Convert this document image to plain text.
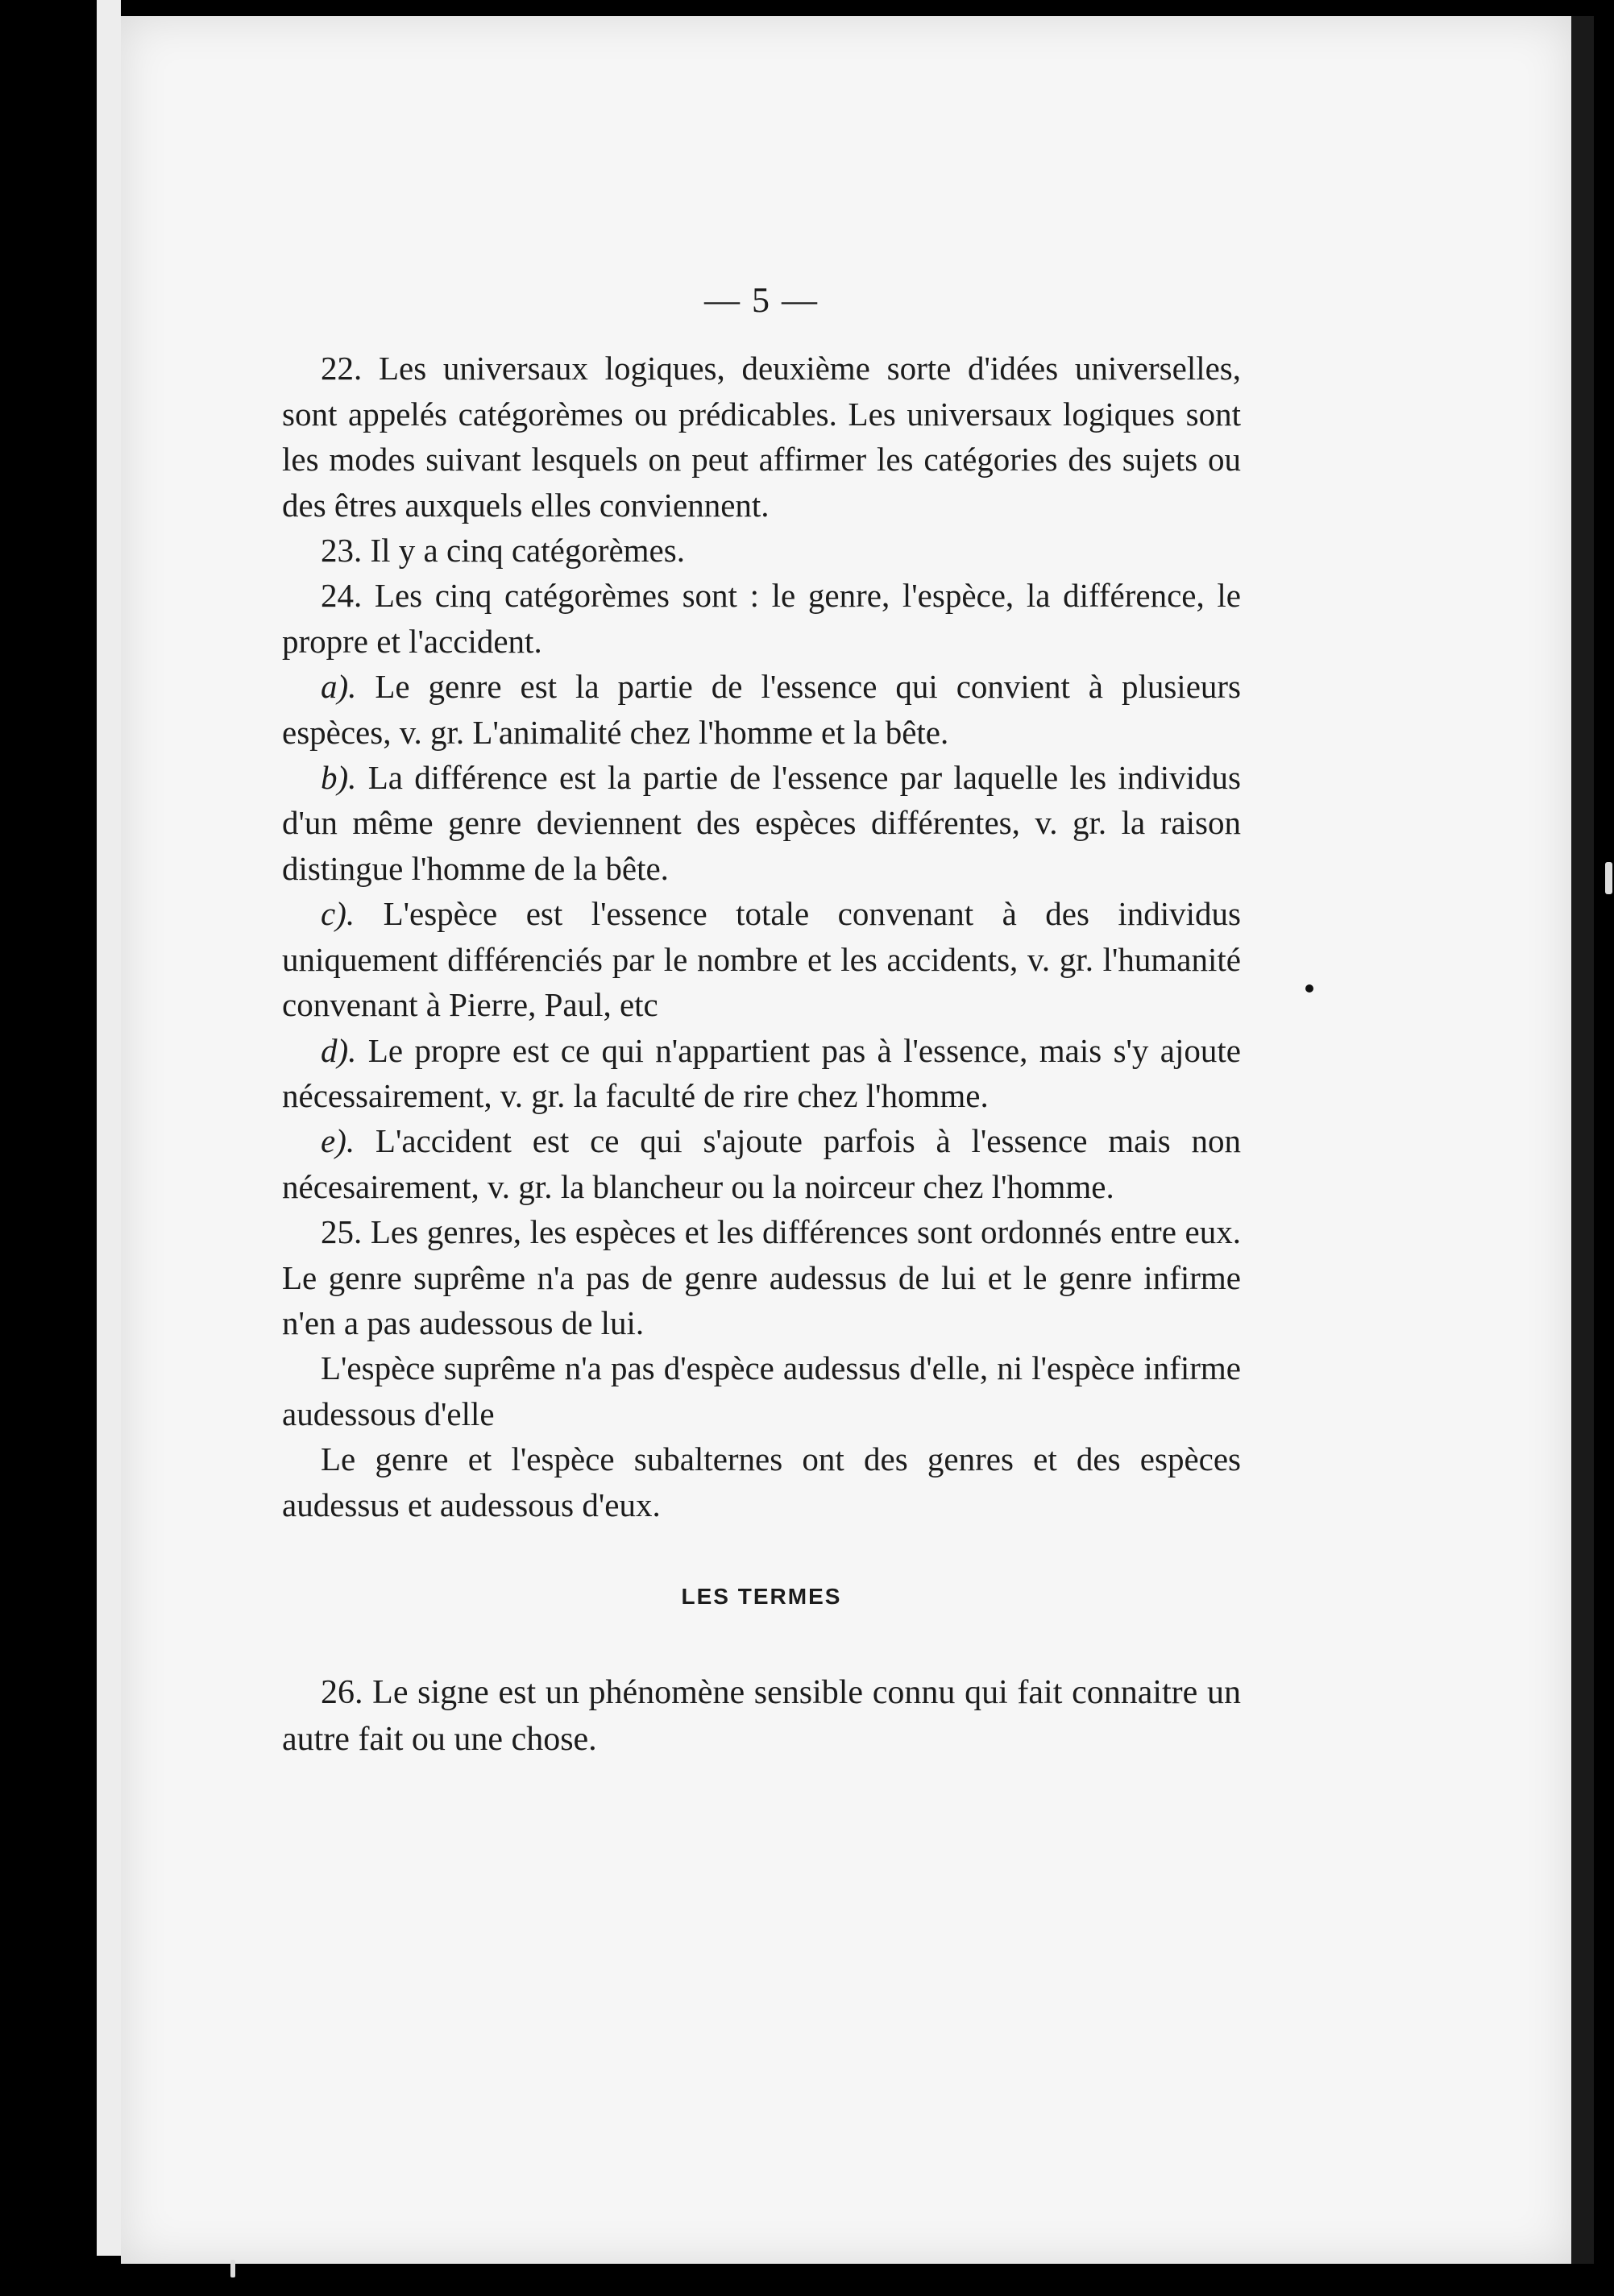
— 5 —

22. Les universaux logiques, deuxième sorte d'idées universelles, sont appelés catégorèmes ou prédicables. Les universaux logiques sont les modes suivant lesquels on peut affirmer les catégories des sujets ou des êtres auxquels elles conviennent.

23. Il y a cinq catégorèmes.

24. Les cinq catégorèmes sont : le genre, l'espèce, la différence, le propre et l'accident.

a). Le genre est la partie de l'essence qui convient à plusieurs espèces, v. gr. L'animalité chez l'homme et la bête.

b). La différence est la partie de l'essence par laquelle les individus d'un même genre deviennent des espèces différentes, v. gr. la raison distingue l'homme de la bête.

c). L'espèce est l'essence totale convenant à des individus uniquement différenciés par le nombre et les accidents, v. gr. l'humanité convenant à Pierre, Paul, etc

d). Le propre est ce qui n'appartient pas à l'essence, mais s'y ajoute nécessairement, v. gr. la faculté de rire chez l'homme.

e). L'accident est ce qui s'ajoute parfois à l'essence mais non nécesairement, v. gr. la blancheur ou la noirceur chez l'homme.

25. Les genres, les espèces et les différences sont ordonnés entre eux. Le genre suprême n'a pas de genre audessus de lui et le genre infirme n'en a pas audessous de lui.

L'espèce suprême n'a pas d'espèce audessus d'elle, ni l'espèce infirme audessous d'elle

Le genre et l'espèce subalternes ont des genres et des espèces audessus et audessous d'eux.

LES TERMES

26. Le signe est un phénomène sensible connu qui fait connaitre un autre fait ou une chose.
